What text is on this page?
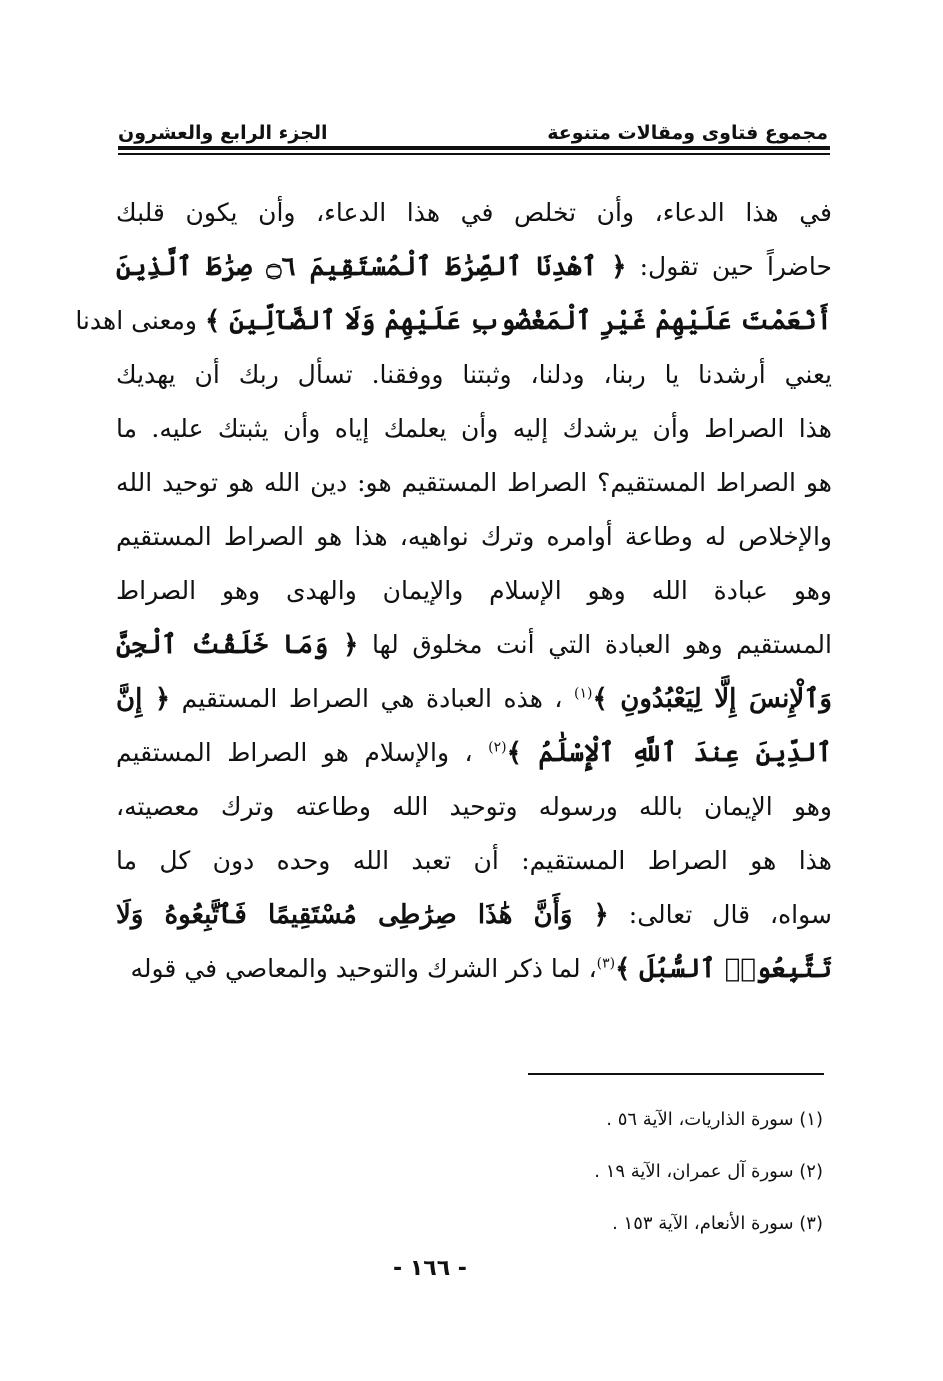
مجموع فتاوى ومقالات متنوعة
الجزء الرابع والعشرون
في هذا الدعاء، وأن تخلص في هذا الدعاء، وأن يكون قلبك
حاضراً حين تقول: ﴿ ٱهْدِنَا ٱلصِّرَٰطَ ٱلْمُسْتَقِيمَ ۝٦ صِرَٰطَ ٱلَّذِينَ
أَنْعَمْتَ عَلَيْهِمْ غَيْرِ ٱلْمَغْضُوبِ عَلَيْهِمْ وَلَا ٱلضَّآلِّينَ ﴾ ومعنى اهدنا
يعني أرشدنا يا ربنا، ودلنا، وثبتنا ووفقنا. تسأل ربك أن يهديك
هذا الصراط وأن يرشدك إليه وأن يعلمك إياه وأن يثبتك عليه. ما
هو الصراط المستقيم؟ الصراط المستقيم هو: دين الله هو توحيد الله
والإخلاص له وطاعة أوامره وترك نواهيه، هذا هو الصراط المستقيم
وهو عبادة الله وهو الإسلام والإيمان والهدى وهو الصراط
المستقيم وهو العبادة التي أنت مخلوق لها ﴿ وَمَا خَلَقْتُ ٱلْجِنَّ
وَٱلْإِنسَ إِلَّا لِيَعْبُدُونِ ﴾$^{(١)}$ ، هذه العبادة هي الصراط المستقيم ﴿ إِنَّ
ٱلدِّينَ عِندَ ٱللَّهِ ٱلْإِسْلَٰمُ ﴾$^{(٢)}$ ، والإسلام هو الصراط المستقيم
وهو الإيمان بالله ورسوله وتوحيد الله وطاعته وترك معصيته،
هذا هو الصراط المستقيم: أن تعبد الله وحده دون كل ما
سواه، قال تعالى: ﴿ وَأَنَّ هَٰذَا صِرَٰطِى مُسْتَقِيمًا فَٱتَّبِعُوهُ وَلَا
تَتَّبِعُوا۟ ٱلسُّبُلَ ﴾$^{(٣)}$، لما ذكر الشرك والتوحيد والمعاصي في قوله
(١) سورة الذاريات، الآية ٥٦ .
(٢) سورة آل عمران، الآية ١٩ .
(٣) سورة الأنعام، الآية ١٥٣ .
- ١٦٦ -
